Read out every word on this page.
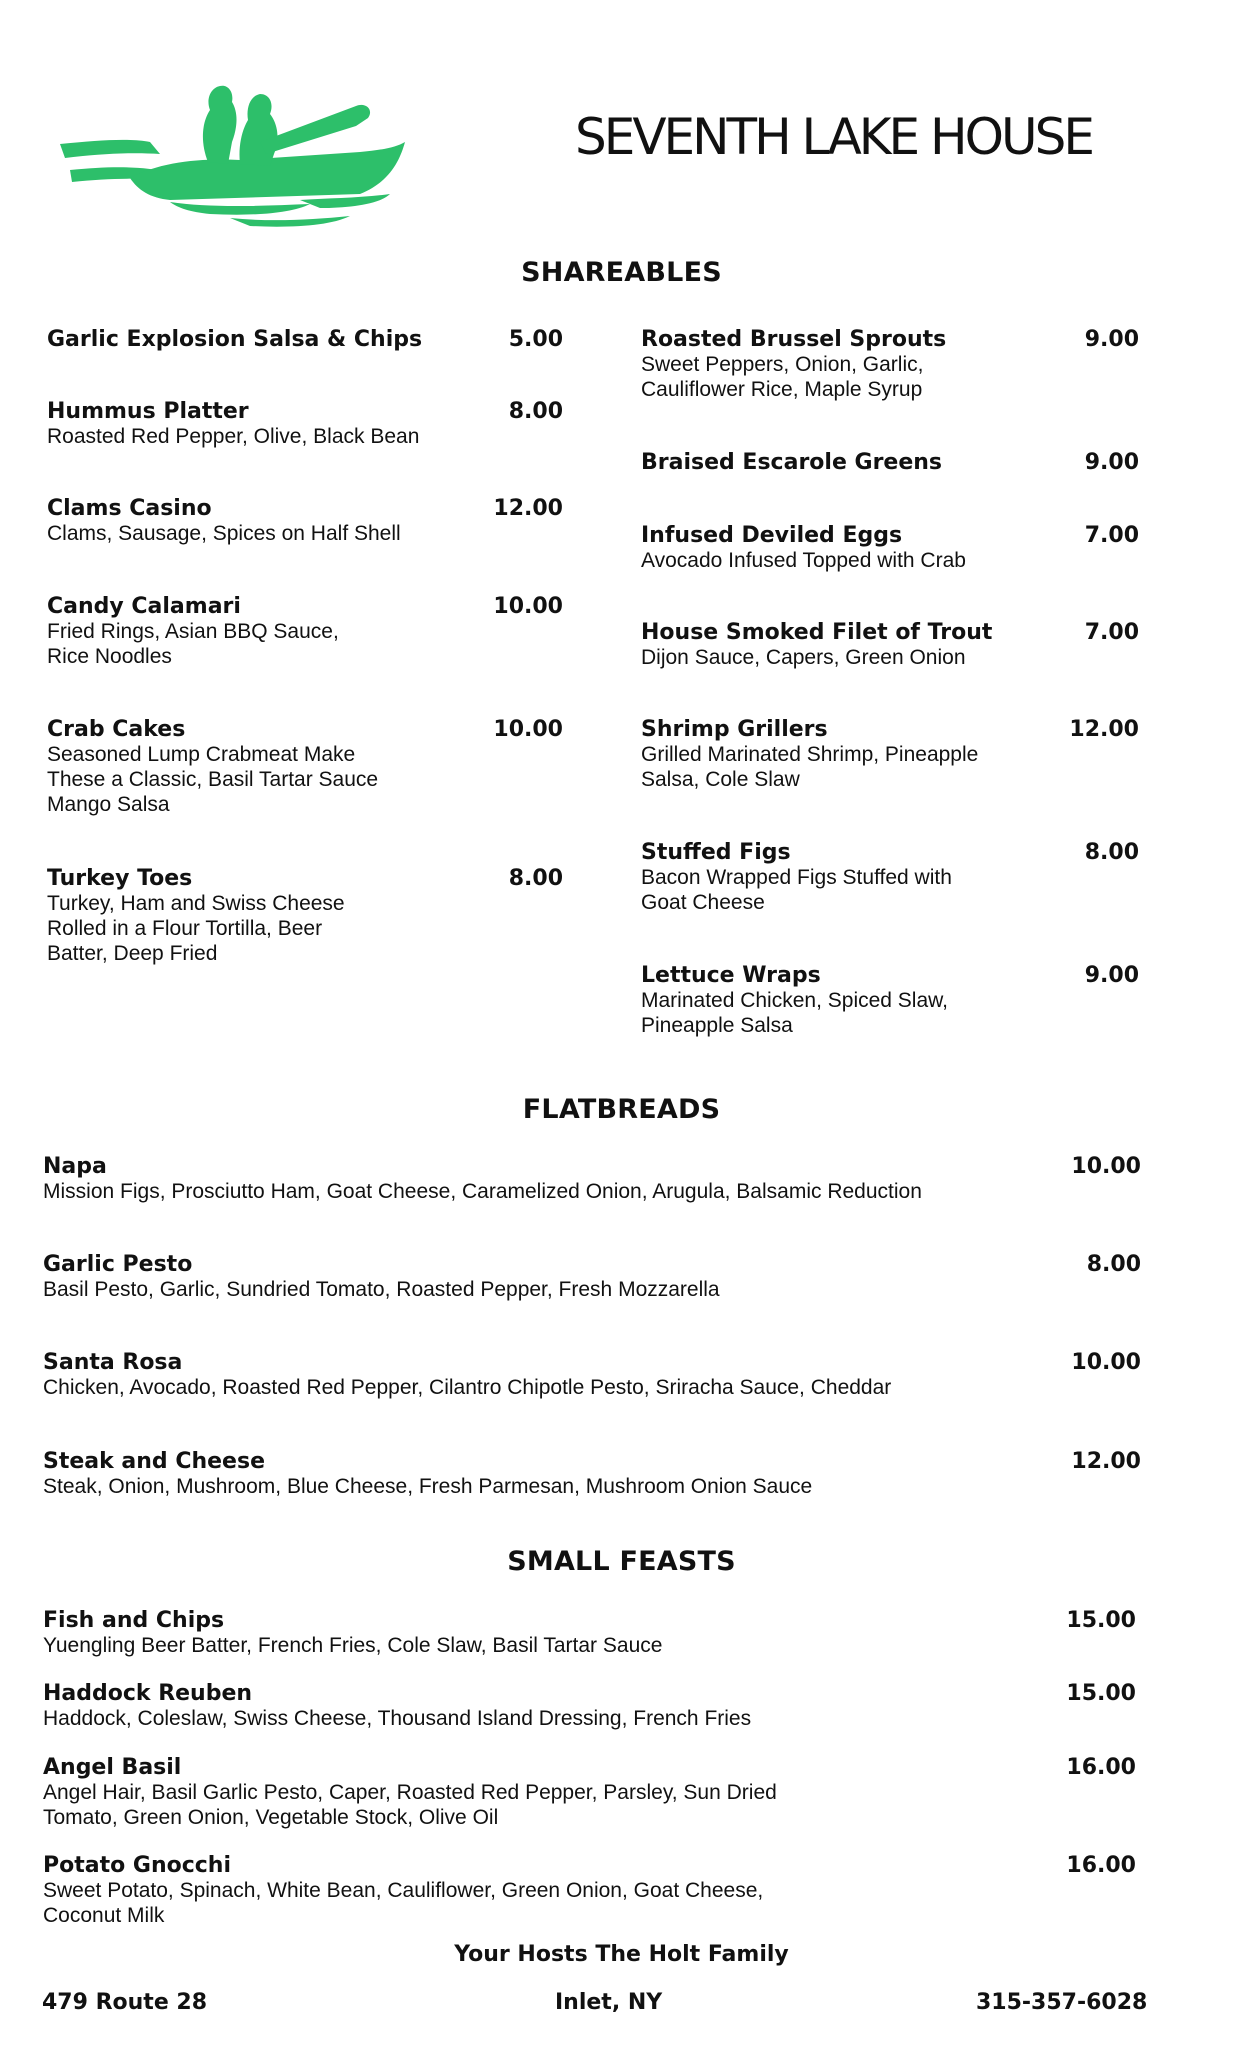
SEVENTH LAKE HOUSE
SHAREABLES
Garlic Explosion Salsa & Chips	5.00
Hummus Platter
Roasted Red Pepper, Olive, Black Bean
8.00
Clams Casino
Clams, Sausage, Spices on Half Shell
12.00
Candy Calamari
Fried Rings, Asian BBQ Sauce,
Rice Noodles
10.00
Crab Cakes
Seasoned Lump Crabmeat Make
These a Classic, Basil Tartar Sauce
Mango Salsa
10.00
Turkey Toes
Turkey, Ham and Swiss Cheese
Rolled in a Flour Tortilla, Beer
Batter, Deep Fried
8.00
Roasted Brussel Sprouts
Sweet Peppers, Onion, Garlic,
Cauliflower Rice, Maple Syrup
9.00
Braised Escarole Greens	9.00
Infused Deviled Eggs
Avocado Infused Topped with Crab
7.00
House Smoked Filet of Trout
Dijon Sauce, Capers, Green Onion
7.00
Shrimp Grillers
Grilled Marinated Shrimp, Pineapple
Salsa, Cole Slaw
12.00
Stuffed Figs
Bacon Wrapped Figs Stuffed with
Goat Cheese
8.00
Lettuce Wraps
Marinated Chicken, Spiced Slaw,
Pineapple Salsa
9.00
FLATBREADS
Napa
Mission Figs, Prosciutto Ham, Goat Cheese, Caramelized Onion, Arugula, Balsamic Reduction
10.00
Garlic Pesto
Basil Pesto, Garlic, Sundried Tomato, Roasted Pepper, Fresh Mozzarella
8.00
Santa Rosa
Chicken, Avocado, Roasted Red Pepper, Cilantro Chipotle Pesto, Sriracha Sauce, Cheddar
10.00
Steak and Cheese
Steak, Onion, Mushroom, Blue Cheese, Fresh Parmesan, Mushroom Onion Sauce
12.00
SMALL FEASTS
Fish and Chips
Yuengling Beer Batter, French Fries, Cole Slaw, Basil Tartar Sauce
15.00
Haddock Reuben
Haddock, Coleslaw, Swiss Cheese, Thousand Island Dressing, French Fries
15.00
Angel Basil
Angel Hair, Basil Garlic Pesto, Caper, Roasted Red Pepper, Parsley, Sun Dried
Tomato, Green Onion, Vegetable Stock, Olive Oil
16.00
Potato Gnocchi
Sweet Potato, Spinach, White Bean, Cauliflower, Green Onion, Goat Cheese,
Coconut Milk
16.00
Your Hosts The Holt Family
479 Route 28	Inlet, NY	315-357-6028
